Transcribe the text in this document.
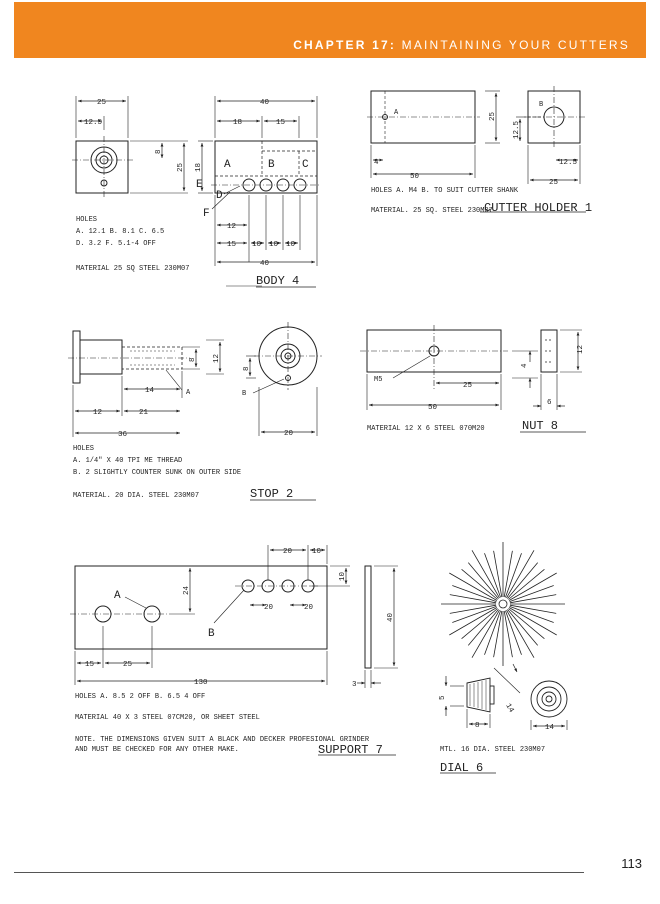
CHAPTER 17: MAINTAINING YOUR CUTTERS
25
12.5
8
25
40
18	15
18
12
15 10 10 10
40
A	B C
D
E
F
HOLES
A. 12.1 B. 8.1 C. 6.5
D. 3.2 F. 5.1-4 OFF
MATERIAL 25 SQ STEEL 230M07
BODY 4
A
B
50
4
25
12.5
12.5
25
HOLES A. M4 B. TO SUIT CUTTER SHANK
MATERIAL. 25 SQ. STEEL 230M07
CUTTER HOLDER 1
8 12
14
12	21
36	20
8
A	B
HOLES
A. 1/4" X 40 TPI ME THREAD
B. 2 SLIGHTLY COUNTER SUNK ON OUTER SIDE
MATERIAL. 20 DIA. STEEL 230M07	STOP 2
M5
25
50
12
4
6
MATERIAL 12 X 6 STEEL 070M20	NUT 8
A
B
20	10
10
24
20	20
15	25
130
40
3
HOLES A. 8.5 2 OFF B. 6.5 4 OFF
MATERIAL 40 X 3 STEEL 07CM20, OR SHEET STEEL
NOTE. THE DIMENSIONS GIVEN SUIT A BLACK AND DECKER PROFESIONAL GRINDER
AND MUST BE CHECKED FOR ANY OTHER MAKE.	SUPPORT 7
5
8
14
14
MTL. 16 DIA. STEEL 230M07
DIAL 6
113
